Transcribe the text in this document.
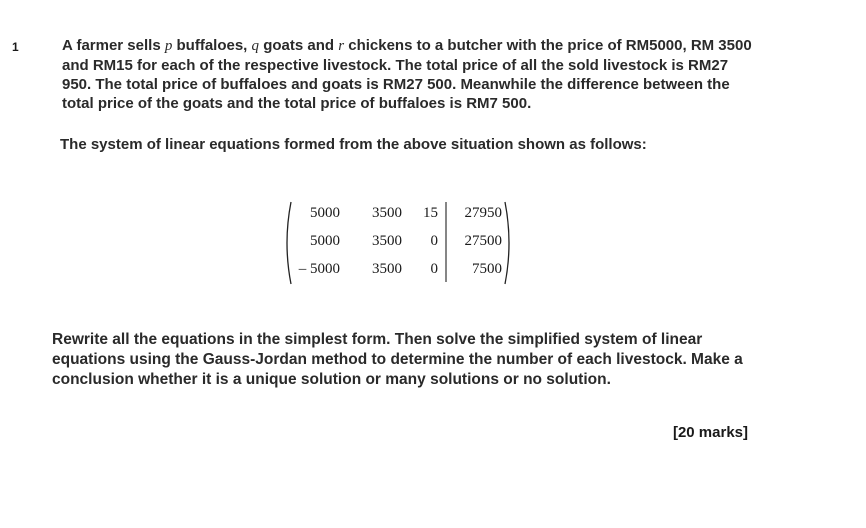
1	A farmer sells p buffaloes, q goats and r chickens to a butcher with the price of RM5000, RM 3500 and RM15 for each of the respective livestock. The total price of all the sold livestock is RM27 950. The total price of buffaloes and goats is RM27 500. Meanwhile the difference between the total price of the goats and the total price of buffaloes is RM7 500.
The system of linear equations formed from the above situation shown as follows:
5000	3500	15	27950
5000	3500	0	27500
– 5000	3500	0	7500
Rewrite all the equations in the simplest form. Then solve the simplified system of linear equations using the Gauss-Jordan method to determine the number of each livestock. Make a conclusion whether it is a unique solution or many solutions or no solution.
[20 marks]
